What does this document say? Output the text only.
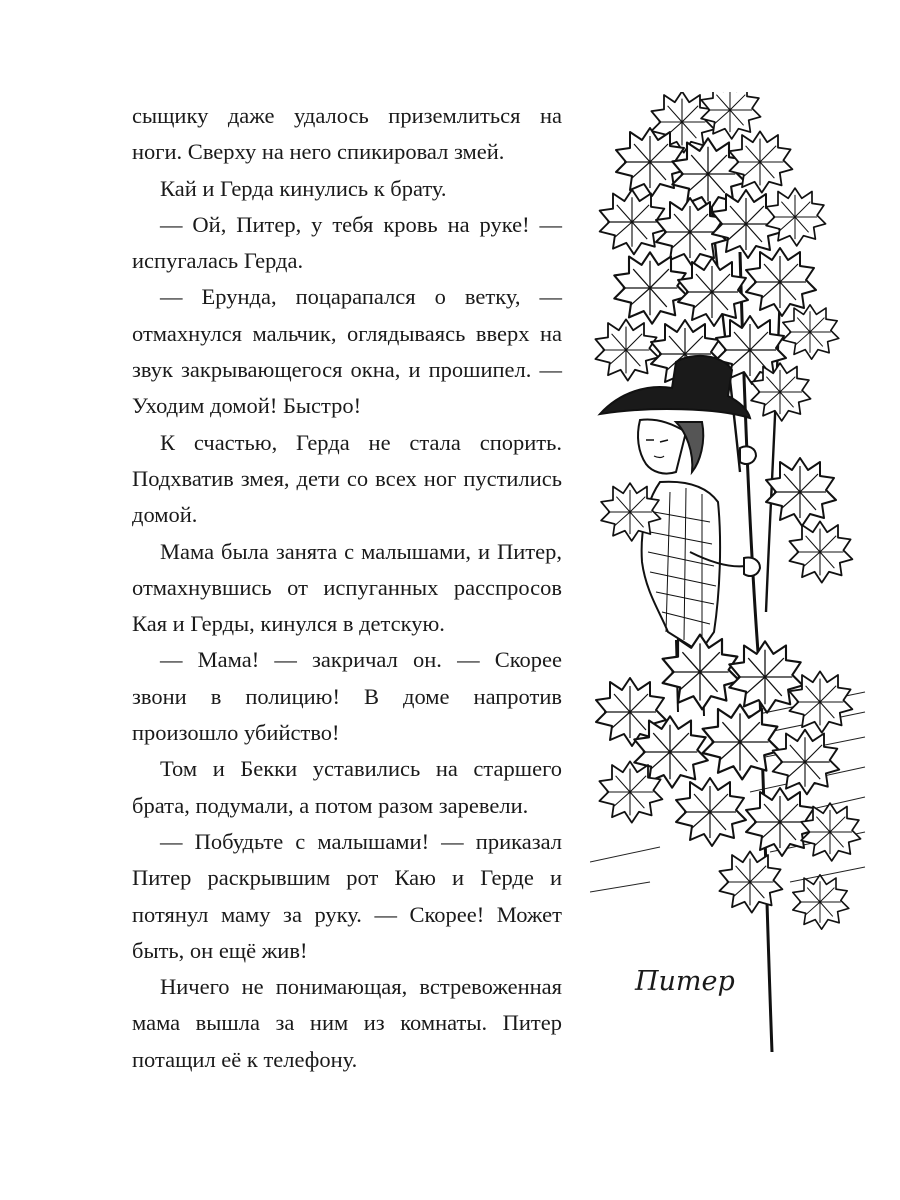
сыщику даже удалось приземлиться на ноги. Сверху на него спикировал змей.

Кай и Герда кинулись к брату.

— Ой, Питер, у тебя кровь на руке! — испугалась Герда.

— Ерунда, поцарапался о ветку, — отмахнулся мальчик, оглядываясь вверх на звук закрывающегося окна, и прошипел. — Уходим домой! Быстро!

К счастью, Герда не стала спорить. Подхватив змея, дети со всех ног пустились домой.

Мама была занята с малышами, и Питер, отмахнувшись от испуганных расспросов Кая и Герды, кинулся в детскую.

— Мама! — закричал он. — Скорее звони в полицию! В доме напротив произошло убийство!

Том и Бекки уставились на старшего брата, подумали, а потом разом заревели.

— Побудьте с малышами! — приказал Питер раскрывшим рот Каю и Герде и потянул маму за руку. — Скорее! Может быть, он ещё жив!

Ничего не понимающая, встревоженная мама вышла за ним из комнаты. Питер потащил её к телефону.

Питер
